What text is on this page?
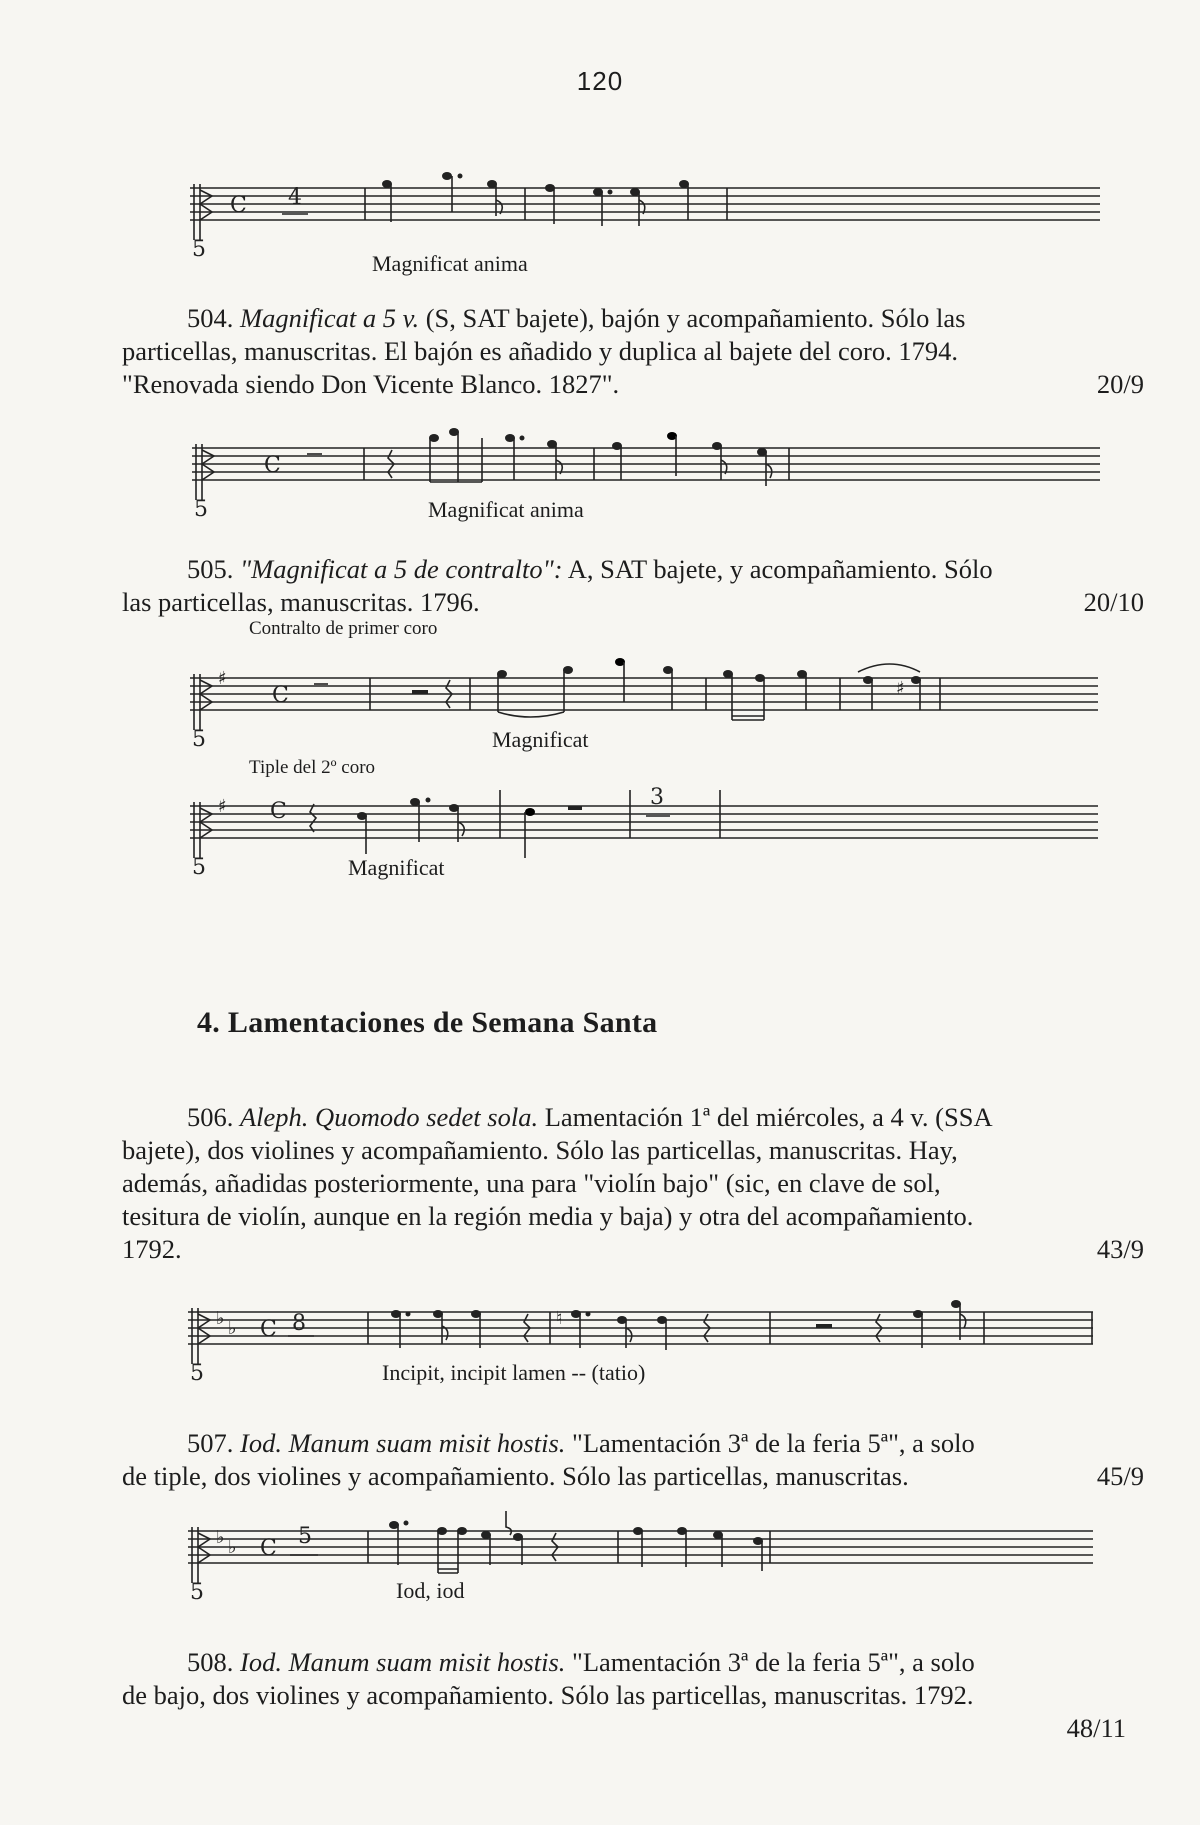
120
5
C 4
Magnificat anima

504. Magnificat a 5 v. (S, SAT bajete), bajón y acompañamiento. Sólo las

particellas, manuscritas. El bajón es añadido y duplica al bajete del coro. 1794.

"Renovada siendo Don Vicente Blanco. 1827".	20/9

5
C
Magnificat anima

505. "Magnificat a 5 de contralto": A, SAT bajete, y acompañamiento. Sólo

las particellas, manuscritas. 1796.	20/10

Contralto de primer coro
5
♯
C	♯
Magnificat
Tiple del 2º coro
5
♯ C
3
Magnificat
4. Lamentaciones de Semana Santa

506. Aleph. Quomodo sedet sola. Lamentación 1ª del miércoles, a 4 v. (SSA

bajete), dos violines y acompañamiento. Sólo las particellas, manuscritas. Hay,

además, añadidas posteriormente, una para "violín bajo" (sic, en clave de sol,

tesitura de violín, aunque en la región media y baja) y otra del acompañamiento.

1792.	43/9

5
♭ ♭ C 8	♮
Incipit, incipit lamen -- (tatio)

507. Iod. Manum suam misit hostis. "Lamentación 3ª de la feria 5ª", a solo

de tiple, dos violines y acompañamiento. Sólo las particellas, manuscritas.	45/9

5
♭ ♭ C 5
Iod, iod

508. Iod. Manum suam misit hostis. "Lamentación 3ª de la feria 5ª", a solo

de bajo, dos violines y acompañamiento. Sólo las particellas, manuscritas. 1792.

48/11
